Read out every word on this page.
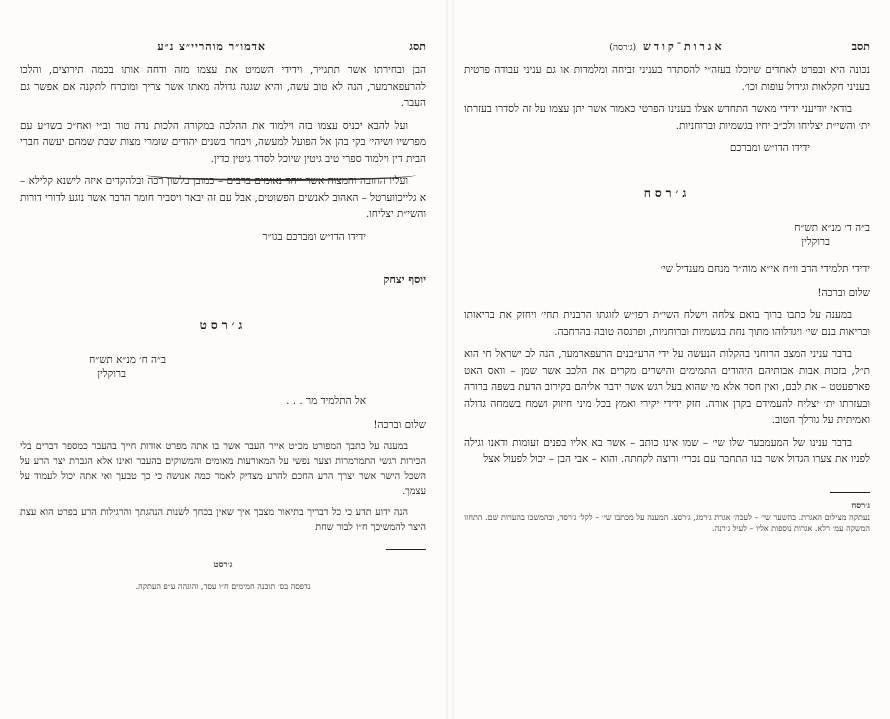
תסג
אדמו״ר מוהריי״צ נ״ע

הבן ובחירתו אשר תתגייר, וידידי השמיט את עצמו מזה ודחה אותו בכמה תירוצים, והלכו להרעפארמער, הנה לא טוב עשה, והיא שגגה גדולה מאתו אשר צריך ומוכרח לתקנה אם אפשר גם העבר.

ועל להבא יכניס עצמו בזה וילמוד את ההלכה במקורה הלכות נדה טור וב״י ואח״כ בשו״ע עם מפרשיו ושיהי׳ בקי בהן אל הפועל למעשה, ויבחר בשנים יהודים שומרי מצות שבת שמהם יעשה חברי הבית דין וילמוד ספרי טיב גיטין שיוכל לסדר גיטין כדין.

ועליו החובה והמצוה אשר ייחד נאומים ברבים – כמובן בלשון רכה ובלהקדים איזה לישנא קלילא – א גלייכווערטל – האהוב לאנשים הפשוטים, אבל עם זה יבאר ויסביר חומר הדבר אשר נוגע לדורי דורות והשי״ת יצליחו.

ידידו הדו״ש ומברכם בגו״ר
יוסף יצחק
ג׳רסט
ב״ה ח׳ מנ״א תש״ח
ברוקלין
אל התלמיד מר . . .
שלום וברכה!

במענה על כתבך המפורט מכ״ט אייר העבר אשר בו אתה מפרט אודות חייך בהעבר כמספר דברים בלי הכירות רגשי התמרמרות וצער נפשי על המאורעות מאומים והמשוקים בהעבר ואינו אלא הגברת יצר הרע על השכל הישר אשר יצרך הרע החכם להרע מצדיק לאמר כמה אנושה כי כך טבעך ואי אתה יכול לעמוד על עצמך.

הנה ידוע תדע כי כל דבריך בתיאור מצבך איך שאין בכחך לשנות הנהגתך והרגילות הרע בפרט הוא עצת היצר להמשיכך ח״ו לבור שחת

ג׳רסט
נדפסה בס׳ תוכנה חמימים ח״ו עסד, והוגהה ע״פ העתקה.
תסב
אגרות־קודש (ג׳רסה)

נכונה היא ובפרט לאחדים שיוכלו בעזה״י להסתדר בעניני זביחה ומלמדות או גם עניני עבודה פרטית בעניני חקלאות וגידול עופות וכו׳.

בודאי יודיעני ידידי מאשר התחדש אצלו בענינו הפרטי כאמור אשר יתן עצמו על זה לסדרו בעזרתו ית׳ והשי״ת יצליחו ולכ״ב יחיו בגשמיות וברוחניות.

ידידו הדו״ש ומברכם
ג׳רסח
ב״ה ד׳ מנ״א תש״ח
ברוקלין
ידידי תלמידי הרב וו״ח אי״א מוה״ר מנחם מענדיל שי׳
שלום וברכה!

במענה על כתבו ברוך בואם צלחה וישלח השי״ת רפו״ש לזוגתו הרבנית תחי׳ ויחזק את בריאותו ובריאות בנם שי׳ ויגדלוהו מתוך נחת בגשמיות וברוחניות, ופרנסה טובה בהרחבה.

בדבר עניני המצב הרוחני בהקלות הנעשה על ידי הרע״בנים הרעפארמער, הנה לב ישראל חי הוא ת״ל, בזכות אבות אבותיהם היהודים התמימים והישרים מקרים את הלכב אשר שמן – וואס האט פארפעטט – את לבם, ואין חסר אלא מי שהוא בעל רגש אשר ידבר אליהם בקירוב הדעת בשפה ברורה ובעזרתו ית׳ יצליח להעמידם בקרן אורה. חזק ידידי יקירי ואמץ בכל מיני חיזוק ושמח בשמחה גדולה ואמיתית על גורלך הטוב.

בדבר ענינו של המעמבער שלו שי׳ – שמו אינו כותב – אשר בא אליו בפנים זעומות ודאנו וגילה לפניו את צערו הגדול אשר בנו התחבר עם נכרי׳ ורוצה לקחתה. והוא – אבי הבן – יכול לפעול אצל

ג׳רסח
נעתקה מצילום האגרת. בהשער שי׳ – לעכה׳ אגרת ג׳רמג, ג׳רסצ. המענה על מכתבו שי׳ – לקל׳ ג׳רסד, ובהמשכו בהערות שם. התחזו המשקה עמ׳ רלא. אגרות נוספות אליו – לעיל ג׳רנה.
